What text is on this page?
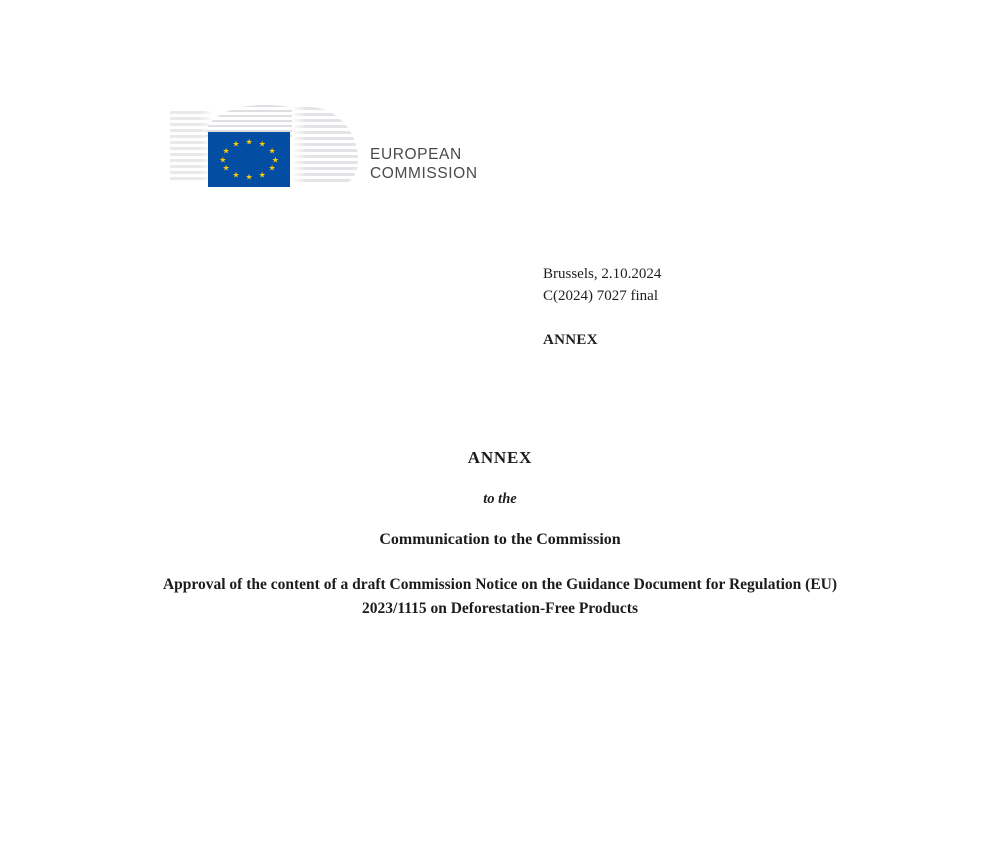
★ ★
★
★
★
★
★
★
★
★
★
★
EUROPEAN
COMMISSION
Brussels, 2.10.2024
C(2024) 7027 final
ANNEX
ANNEX
to the
Communication to the Commission
Approval of the content of a draft Commission Notice on the Guidance Document for Regulation (EU) 2023/1115 on Deforestation-Free Products
